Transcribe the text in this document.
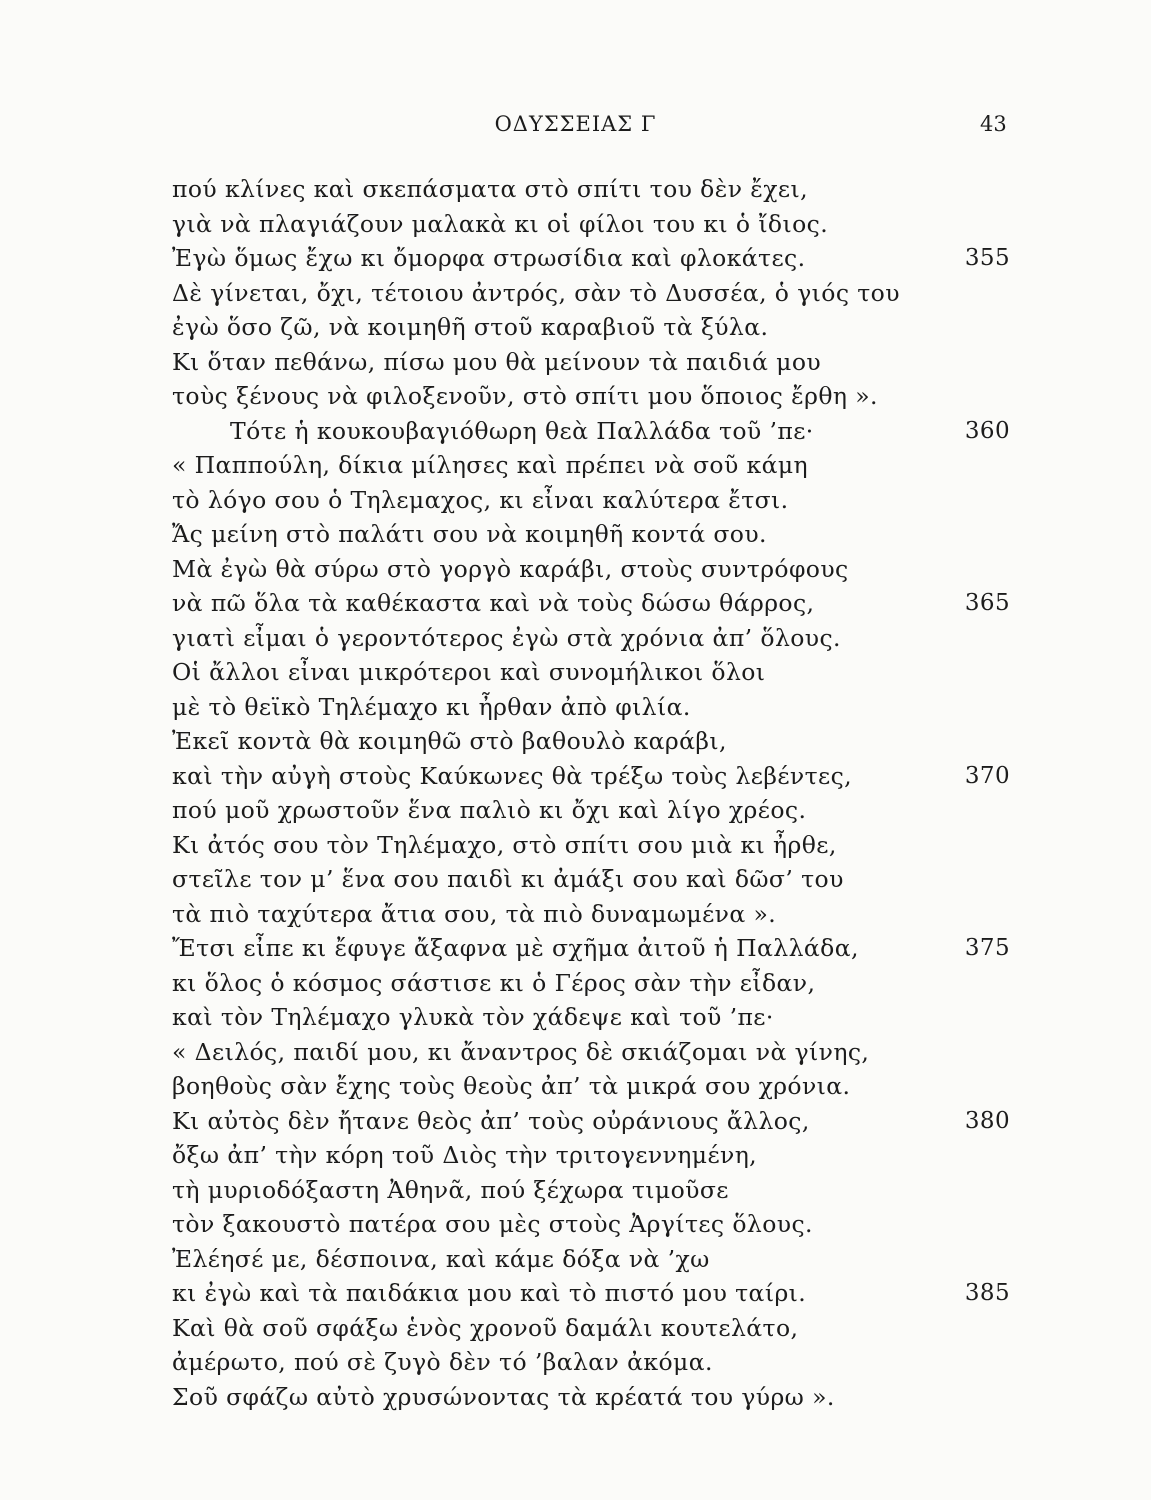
ΟΔΥΣΣΕΙΑΣ Γ	43
πού κλίνες καὶ σκεπάσματα στὸ σπίτι του δὲν ἔχει,
γιὰ νὰ πλαγιάζουν μαλακὰ κι οἱ φίλοι του κι ὁ ἴδιος.
Ἐγὼ ὅμως ἔχω κι ὄμορφα στρωσίδια καὶ φλοκάτες.	355
Δὲ γίνεται, ὄχι, τέτοιου ἀντρός, σὰν τὸ Δυσσέα, ὁ γιός του
ἐγὼ ὅσο ζῶ, νὰ κοιμηθῆ στοῦ καραβιοῦ τὰ ξύλα.
Κι ὅταν πεθάνω, πίσω μου θὰ μείνουν τὰ παιδιά μου
τοὺς ξένους νὰ φιλοξενοῦν, στὸ σπίτι μου ὅποιος ἔρθη ».
Τότε ἡ κουκουβαγιόθωρη θεὰ Παλλάδα τοῦ ’πε·	360
« Παππούλη, δίκια μίλησες καὶ πρέπει νὰ σοῦ κάμη
τὸ λόγο σου ὁ Τηλεμαχος, κι εἶναι καλύτερα ἔτσι.
Ἄς μείνη στὸ παλάτι σου νὰ κοιμηθῆ κοντά σου.
Μὰ ἐγὼ θὰ σύρω στὸ γοργὸ καράβι, στοὺς συντρόφους
νὰ πῶ ὅλα τὰ καθέκαστα καὶ νὰ τοὺς δώσω θάρρος,	365
γιατὶ εἶμαι ὁ γεροντότερος ἐγὼ στὰ χρόνια ἀπ’ ὅλους.
Οἱ ἄλλοι εἶναι μικρότεροι καὶ συνομήλικοι ὅλοι
μὲ τὸ θεϊκὸ Τηλέμαχο κι ἦρθαν ἀπὸ φιλία.
Ἐκεῖ κοντὰ θὰ κοιμηθῶ στὸ βαθουλὸ καράβι,
καὶ τὴν αὐγὴ στοὺς Καύκωνες θὰ τρέξω τοὺς λεβέντες,	370
πού μοῦ χρωστοῦν ἕνα παλιὸ κι ὄχι καὶ λίγο χρέος.
Κι ἀτός σου τὸν Τηλέμαχο, στὸ σπίτι σου μιὰ κι ἦρθε,
στεῖλε τον μ’ ἕνα σου παιδὶ κι ἀμάξι σου καὶ δῶσ’ του
τὰ πιὸ ταχύτερα ἄτια σου, τὰ πιὸ δυναμωμένα ».
Ἔτσι εἶπε κι ἔφυγε ἄξαφνα μὲ σχῆμα ἀιτοῦ ἡ Παλλάδα,	375
κι ὅλος ὁ κόσμος σάστισε κι ὁ Γέρος σὰν τὴν εἶδαν,
καὶ τὸν Τηλέμαχο γλυκὰ τὸν χάδεψε καὶ τοῦ ’πε·
« Δειλός, παιδί μου, κι ἄναντρος δὲ σκιάζομαι νὰ γίνης,
βοηθοὺς σὰν ἔχης τοὺς θεοὺς ἀπ’ τὰ μικρά σου χρόνια.
Κι αὐτὸς δὲν ἤτανε θεὸς ἀπ’ τοὺς οὐράνιους ἄλλος,	380
ὄξω ἀπ’ τὴν κόρη τοῦ Διὸς τὴν τριτογεννημένη,
τὴ μυριοδόξαστη Ἀθηνᾶ, πού ξέχωρα τιμοῦσε
τὸν ξακουστὸ πατέρα σου μὲς στοὺς Ἀργίτες ὅλους.
Ἐλέησέ με, δέσποινα, καὶ κάμε δόξα νὰ ’χω
κι ἐγὼ καὶ τὰ παιδάκια μου καὶ τὸ πιστό μου ταίρι.	385
Καὶ θὰ σοῦ σφάξω ἑνὸς χρονοῦ δαμάλι κουτελάτο,
ἀμέρωτο, πού σὲ ζυγὸ δὲν τό ’βαλαν ἀκόμα.
Σοῦ σφάζω αὐτὸ χρυσώνοντας τὰ κρέατά του γύρω ».
